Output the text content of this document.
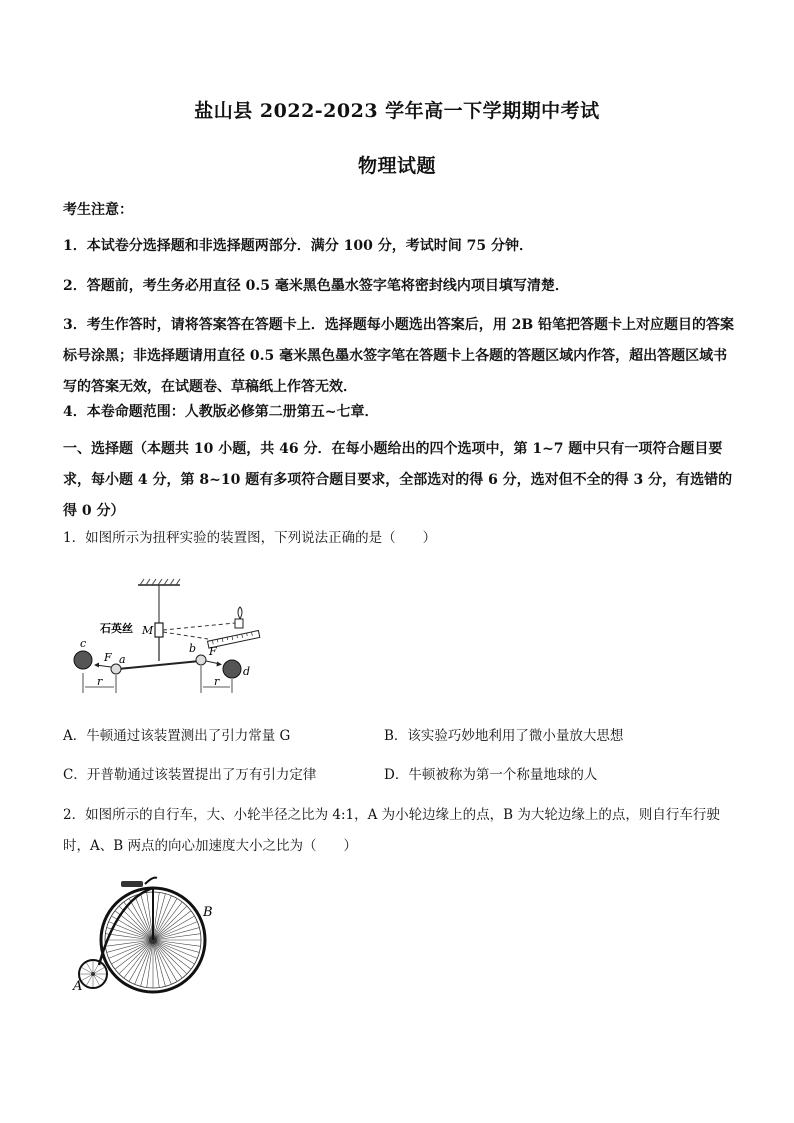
盐山县 2022-2023 学年高一下学期期中考试
物理试题
考生注意：
1．本试卷分选择题和非选择题两部分．满分 100 分，考试时间 75 分钟．
2．答题前，考生务必用直径 0.5 毫米黑色墨水签字笔将密封线内项目填写清楚．
3．考生作答时，请将答案答在答题卡上．选择题每小题选出答案后，用 2B 铅笔把答题卡上对应题目的答案标号涂黑；非选择题请用直径 0.5 毫米黑色墨水签字笔在答题卡上各题的答题区域内作答，超出答题区域书写的答案无效，在试题卷、草稿纸上作答无效．
4．本卷命题范围：人教版必修第二册第五~七章．
一、选择题（本题共 10 小题，共 46 分．在每小题给出的四个选项中，第 1~7 题中只有一项符合题目要求，每小题 4 分，第 8~10 题有多项符合题目要求，全部选对的得 6 分，选对但不全的得 3 分，有选错的得 0 分）
1．如图所示为扭秤实验的装置图，下列说法正确的是（　　）
石英丝 M
c
a
b
d
F	F
r	r
A．牛顿通过该装置测出了引力常量 G	B．该实验巧妙地利用了微小量放大思想
C．开普勒通过该装置提出了万有引力定律	D．牛顿被称为第一个称量地球的人
2．如图所示的自行车，大、小轮半径之比为 4:1，A 为小轮边缘上的点，B 为大轮边缘上的点，则自行车行驶时，A、B 两点的向心加速度大小之比为（　　）
A
B
